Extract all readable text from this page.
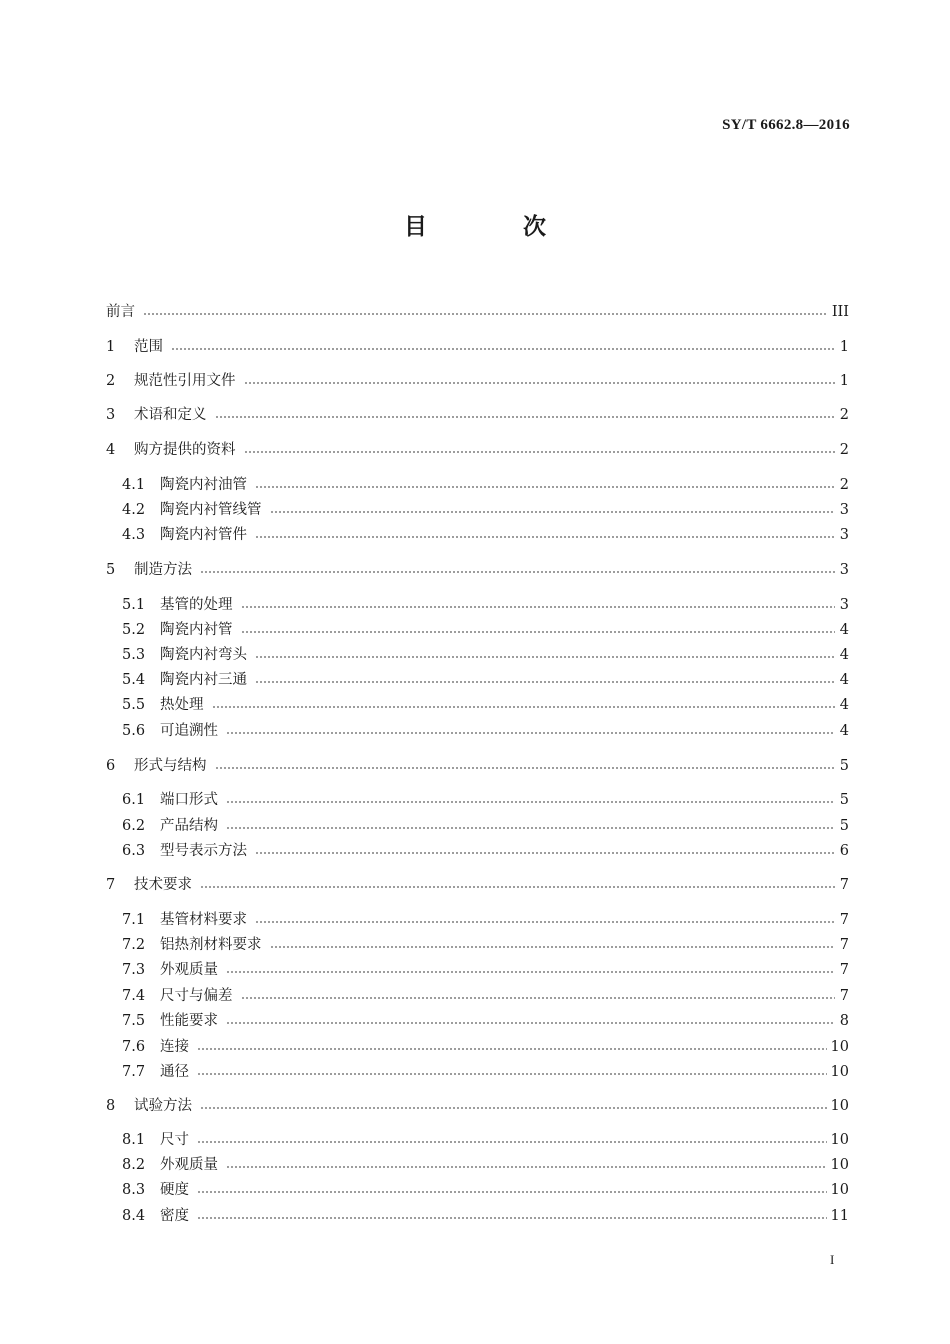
SY/T 6662.8—2016
目 次
前言	III
1 范围	1
2 规范性引用文件	1
3 术语和定义	2
4 购方提供的资料	2
4.1 陶瓷内衬油管	2
4.2 陶瓷内衬管线管	3
4.3 陶瓷内衬管件	3
5 制造方法	3
5.1 基管的处理	3
5.2 陶瓷内衬管	4
5.3 陶瓷内衬弯头	4
5.4 陶瓷内衬三通	4
5.5 热处理	4
5.6 可追溯性	4
6 形式与结构	5
6.1 端口形式	5
6.2 产品结构	5
6.3 型号表示方法	6
7 技术要求	7
7.1 基管材料要求	7
7.2 铝热剂材料要求	7
7.3 外观质量	7
7.4 尺寸与偏差	7
7.5 性能要求	8
7.6 连接	10
7.7 通径	10
8 试验方法	10
8.1 尺寸	10
8.2 外观质量	10
8.3 硬度	10
8.4 密度	11
I
